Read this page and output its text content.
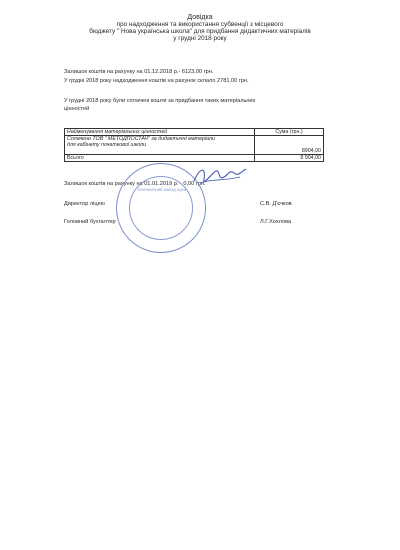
Довідка
про надходження та використання субвенції з місцевого
бюджету " Нова українська школа" для придбання дидактичних матеріалів
у грудні 2018 року
Залишок коштів на рахунку на 01.12.2018 р.- 6123,00 грн.
У грудні 2018 року надходження коштів на рахунок склало 2781,00 грн.
У грудні 2018 року були сплачені кошти за придбання таких матеріальних
цінностей
Найменування матеріальних цінностей	Сума (грн.)

Сплачено ТОВ " МЕТОДПОСТАЧ" за дидактичні матеріали
для кабінету початкової школи	8904,00
Всього	8 904,00
Залишок коштів на рахунку на 01.01.2019 р. - 0,00 грн.
КОМУНАЛЬНИЙ ЗАКЛАД ЛІЦЕЙ
Директор ліцею	С.В. Д'єчков
Головний бухгалтер	Л.Г.Хохлова
